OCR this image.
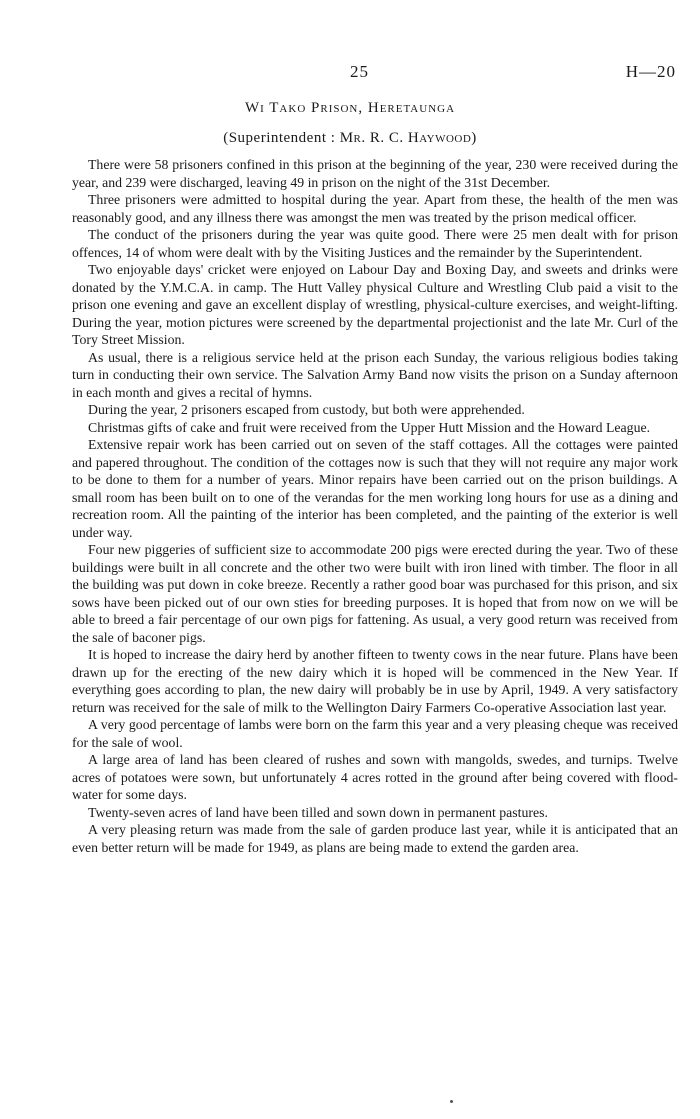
25	H—20
Wi Tako Prison, Heretaunga
(Superintendent : Mr. R. C. Haywood)

There were 58 prisoners confined in this prison at the beginning of the year, 230 were received during the year, and 239 were discharged, leaving 49 in prison on the night of the 31st December.

Three prisoners were admitted to hospital during the year. Apart from these, the health of the men was reasonably good, and any illness there was amongst the men was treated by the prison medical officer.

The conduct of the prisoners during the year was quite good. There were 25 men dealt with for prison offences, 14 of whom were dealt with by the Visiting Justices and the remainder by the Superintendent.

Two enjoyable days' cricket were enjoyed on Labour Day and Boxing Day, and sweets and drinks were donated by the Y.M.C.A. in camp. The Hutt Valley physical Culture and Wrestling Club paid a visit to the prison one evening and gave an excellent display of wrestling, physical-culture exercises, and weight-lifting. During the year, motion pictures were screened by the departmental projectionist and the late Mr. Curl of the Tory Street Mission.

As usual, there is a religious service held at the prison each Sunday, the various religious bodies taking turn in conducting their own service. The Salvation Army Band now visits the prison on a Sunday afternoon in each month and gives a recital of hymns.

During the year, 2 prisoners escaped from custody, but both were apprehended.

Christmas gifts of cake and fruit were received from the Upper Hutt Mission and the Howard League.

Extensive repair work has been carried out on seven of the staff cottages. All the cottages were painted and papered throughout. The condition of the cottages now is such that they will not require any major work to be done to them for a number of years. Minor repairs have been carried out on the prison buildings. A small room has been built on to one of the verandas for the men working long hours for use as a dining and recreation room. All the painting of the interior has been completed, and the painting of the exterior is well under way.

Four new piggeries of sufficient size to accommodate 200 pigs were erected during the year. Two of these buildings were built in all concrete and the other two were built with iron lined with timber. The floor in all the building was put down in coke breeze. Recently a rather good boar was purchased for this prison, and six sows have been picked out of our own sties for breeding purposes. It is hoped that from now on we will be able to breed a fair percentage of our own pigs for fattening. As usual, a very good return was received from the sale of baconer pigs.

It is hoped to increase the dairy herd by another fifteen to twenty cows in the near future. Plans have been drawn up for the erecting of the new dairy which it is hoped will be commenced in the New Year. If everything goes according to plan, the new dairy will probably be in use by April, 1949. A very satisfactory return was received for the sale of milk to the Wellington Dairy Farmers Co-operative Association last year.

A very good percentage of lambs were born on the farm this year and a very pleasing cheque was received for the sale of wool.

A large area of land has been cleared of rushes and sown with mangolds, swedes, and turnips. Twelve acres of potatoes were sown, but unfortunately 4 acres rotted in the ground after being covered with flood-water for some days.

Twenty-seven acres of land have been tilled and sown down in permanent pastures.

A very pleasing return was made from the sale of garden produce last year, while it is anticipated that an even better return will be made for 1949, as plans are being made to extend the garden area.
